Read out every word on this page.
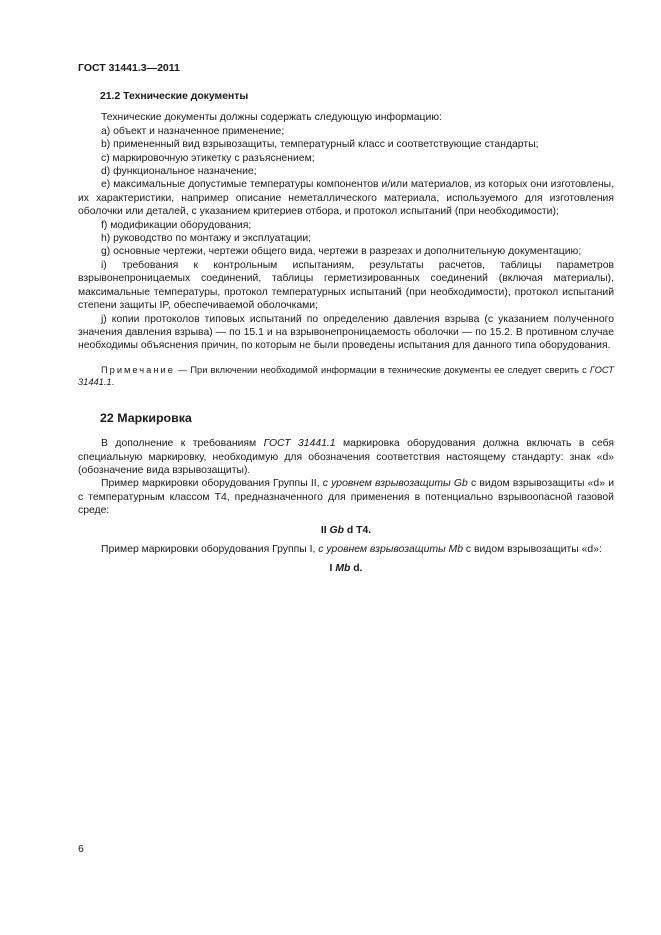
ГОСТ 31441.3—2011
21.2 Технические документы

Технические документы должны содержать следующую информацию:

a) объект и назначенное применение;

b) примененный вид взрывозащиты, температурный класс и соответствующие стандарты;

c) маркировочную этикетку с разъяснением;

d) функциональное назначение;

e) максимальные допустимые температуры компонентов и/или материалов, из которых они изготовлены, их характеристики, например описание неметаллического материала, используемого для изготовления оболочки или деталей, с указанием критериев отбора, и протокол испытаний (при необходимости);

f) модификации оборудования;

h) руководство по монтажу и эксплуатации;

g) основные чертежи, чертежи общего вида, чертежи в разрезах и дополнительную документацию;

i) требования к контрольным испытаниям, результаты расчетов, таблицы параметров взрывонепроницаемых соединений, таблицы герметизированных соединений (включая материалы), максимальные температуры, протокол температурных испытаний (при необходимости), протокол испытаний степени защиты IP, обеспечиваемой оболочками;

j) копии протоколов типовых испытаний по определению давления взрыва (с указанием полученного значения давления взрыва) — по 15.1 и на взрывонепроницаемость оболочки — по 15.2. В противном случае необходимы объяснения причин, по которым не были проведены испытания для данного типа оборудования.

Примечание — При включении необходимой информации в технические документы ее следует сверить с ГОСТ 31441.1.

22 Маркировка

В дополнение к требованиям ГОСТ 31441.1 маркировка оборудования должна включать в себя специальную маркировку, необходимую для обозначения соответствия настоящему стандарту: знак «d» (обозначение вида взрывозащиты).

Пример маркировки оборудования Группы II, с уровнем взрывозащиты Gb с видом взрывозащиты «d» и с температурным классом Т4, предназначенного для применения в потенциально взрывоопасной газовой среде:

II Gb d T4.

Пример маркировки оборудования Группы I, с уровнем взрывозащиты Mb с видом взрывозащиты «d»:

I Mb d.

6
